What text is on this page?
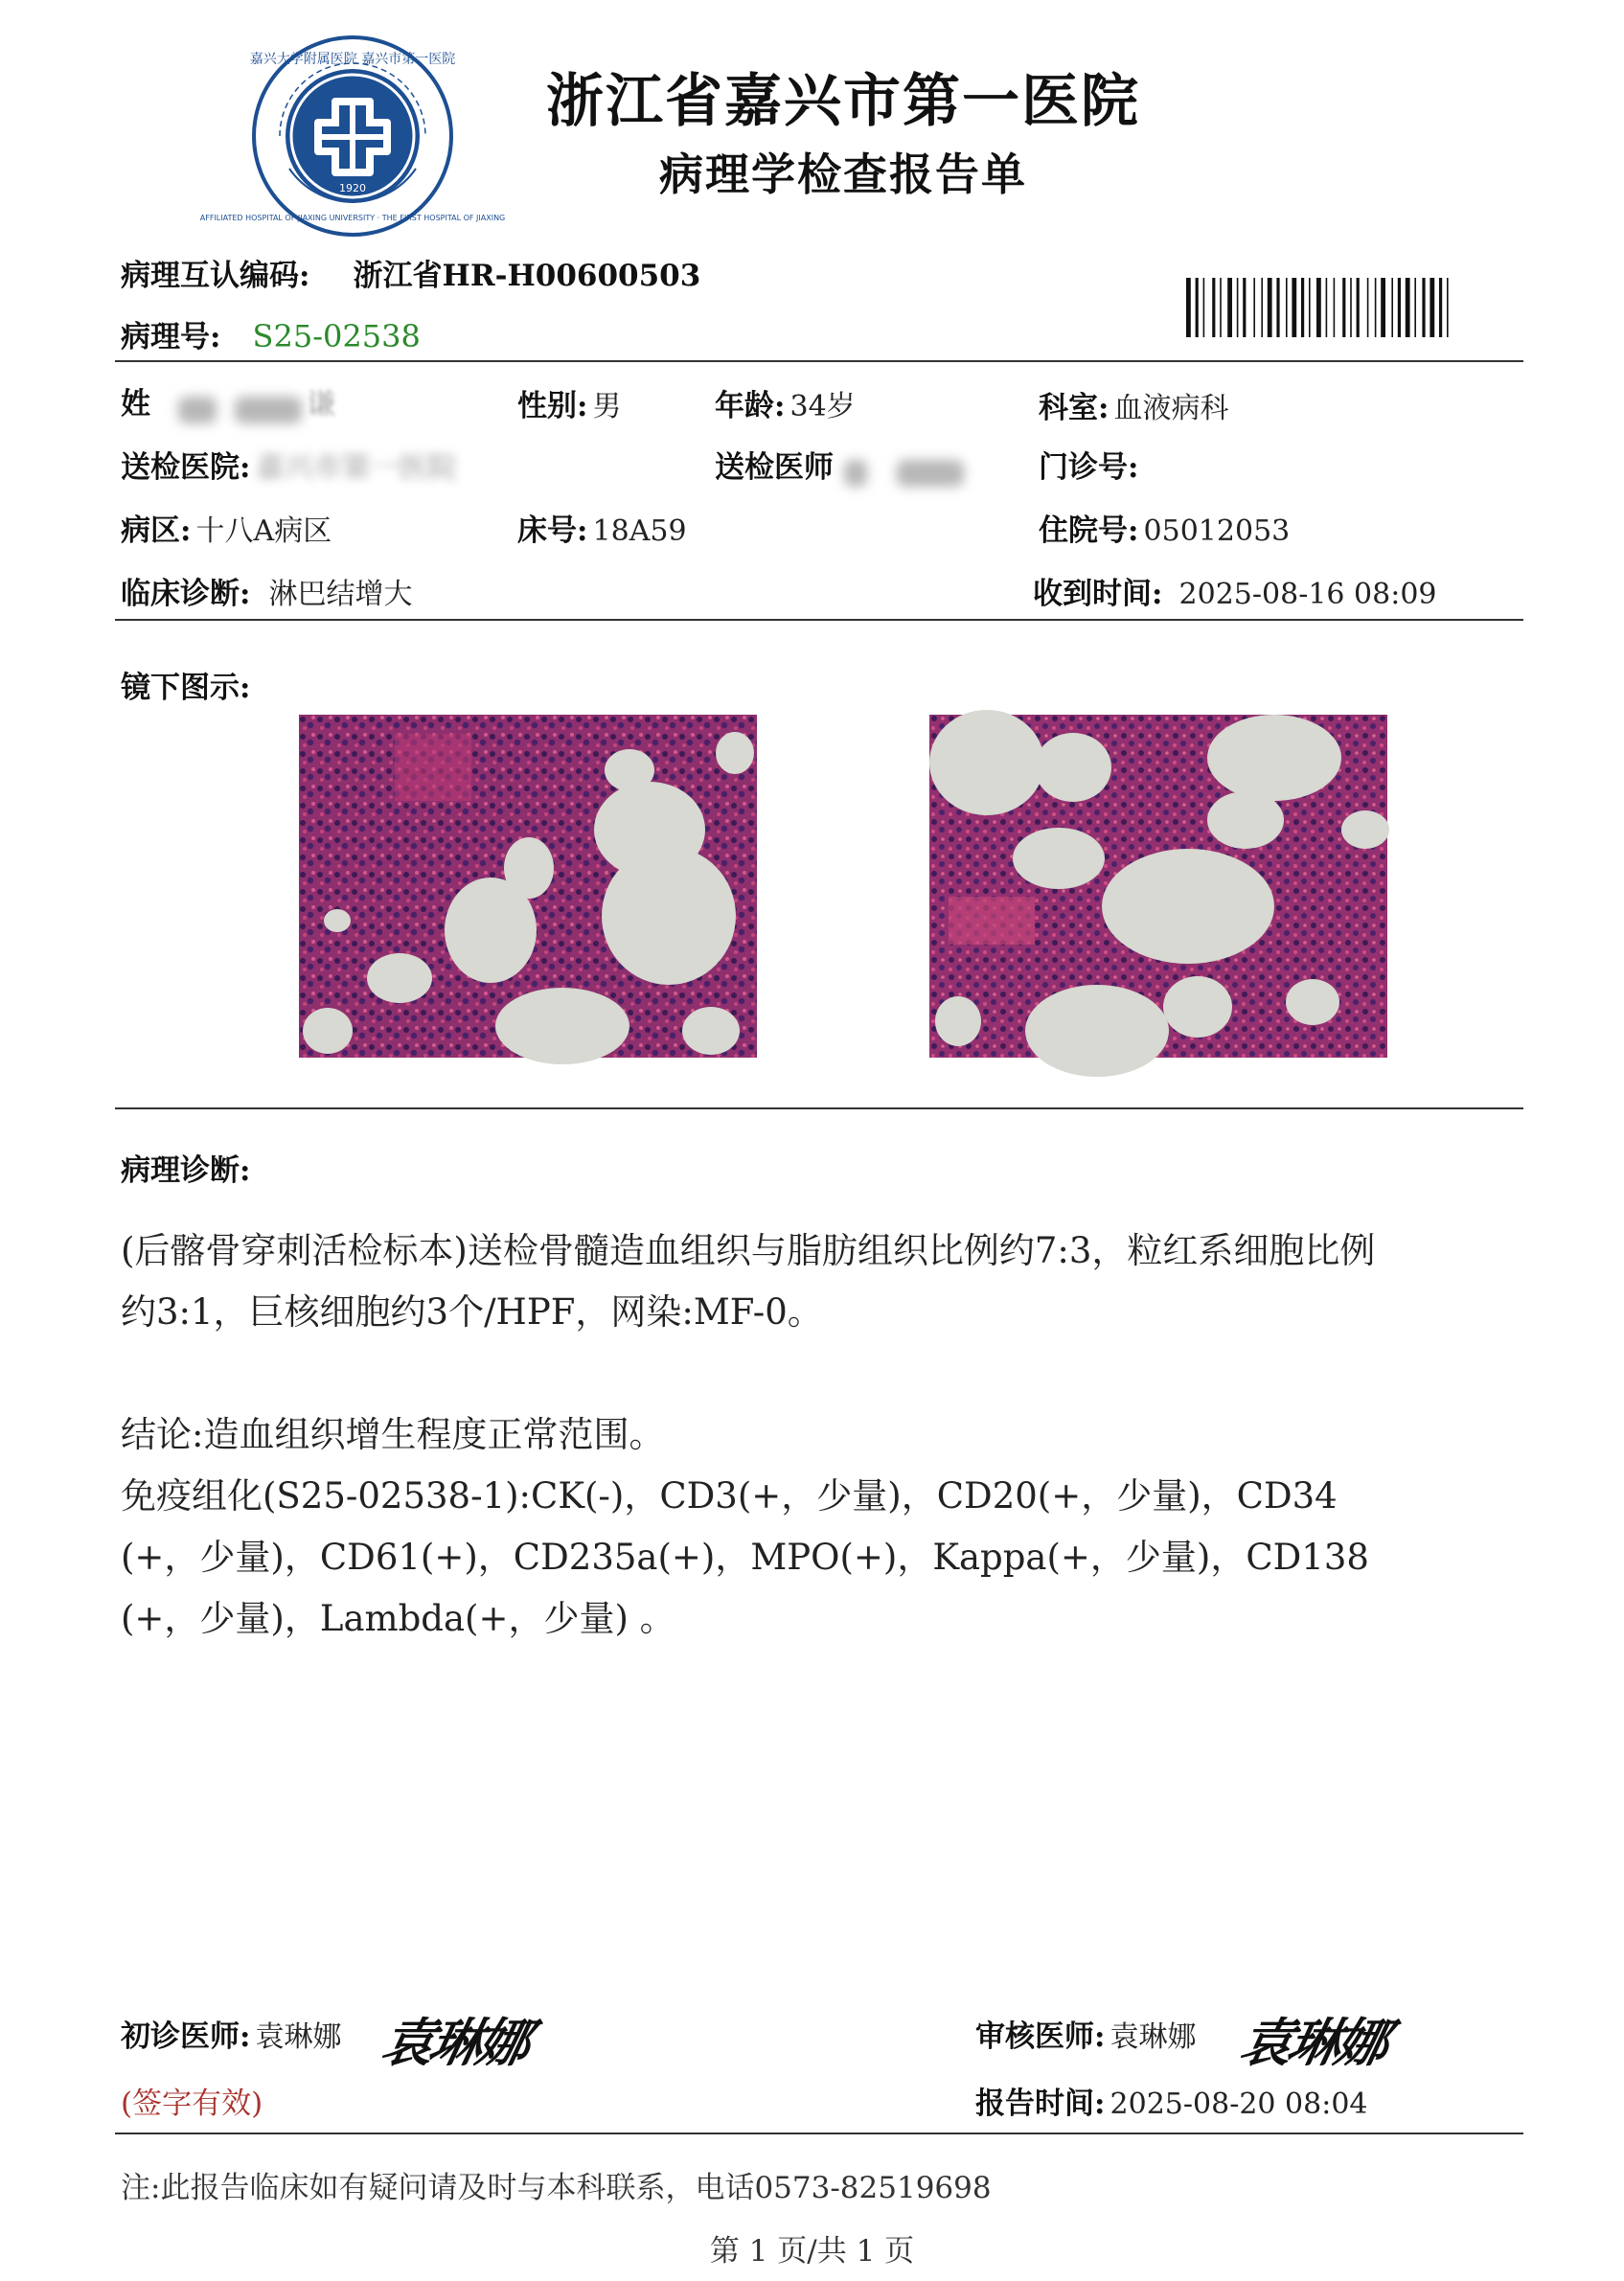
1920
嘉兴大学附属医院 嘉兴市第一医院
AFFILIATED HOSPITAL OF JIAXING UNIVERSITY · THE FIRST HOSPITAL OF JIAXING
浙江省嘉兴市第一医院
病理学检查报告单
病理互认编码: 浙江省HR-H00600503
病理号: S25-02538
姓	谦	性别: 男	年龄: 34岁	科室: 血液病科
送检医院: 嘉兴市第一医院	送检医师	门诊号:
病区: 十八A病区	床号: 18A59	住院号: 05012053
临床诊断: 淋巴结增大	收到时间: 2025-08-16 08:09
镜下图示:
病理诊断:
(后髂骨穿刺活检标本)送检骨髓造血组织与脂肪组织比例约7:3，粒红系细胞比例
约3:1，巨核细胞约3个/HPF，网染:MF-0。
结论:造血组织增生程度正常范围。
免疫组化(S25-02538-1):CK(-)，CD3(+，少量)，CD20(+，少量)，CD34
(+，少量)，CD61(+)，CD235a(+)，MPO(+)，Kappa(+，少量)，CD138
(+，少量)，Lambda(+，少量) 。
初诊医师: 袁琳娜 袁琳娜
(签字有效)
审核医师: 袁琳娜 袁琳娜
报告时间: 2025-08-20 08:04
注:此报告临床如有疑问请及时与本科联系，电话0573-82519698
第 1 页/共 1 页
